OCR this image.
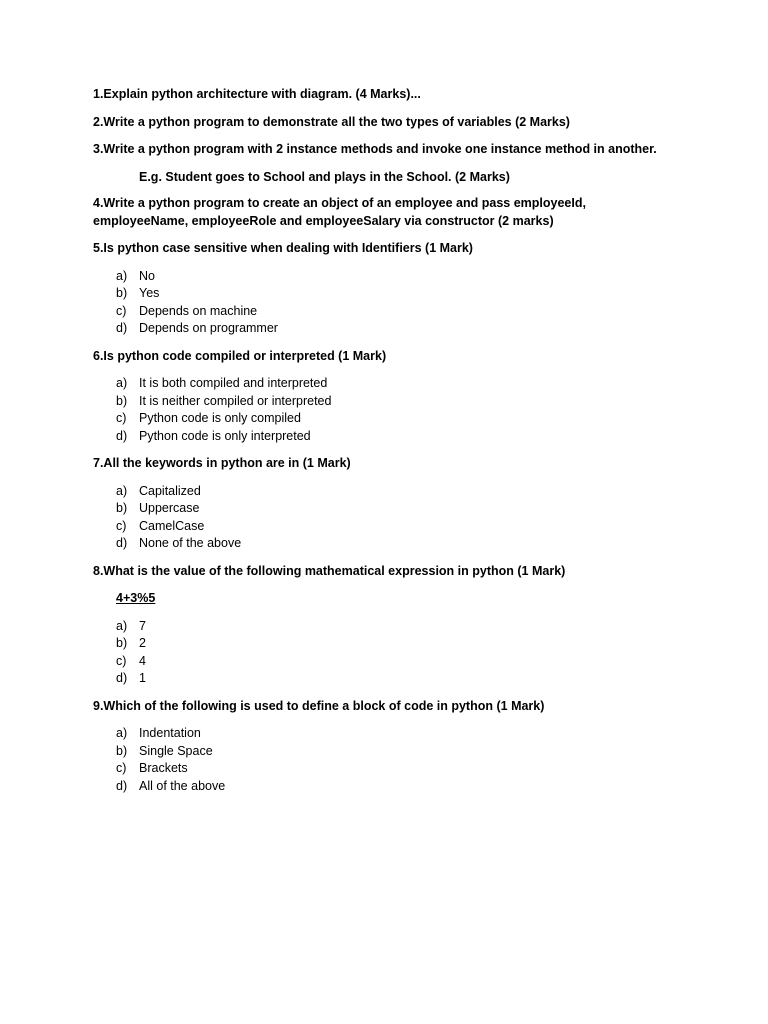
1.Explain python architecture with diagram. (4 Marks)...

2.Write a python program to demonstrate all the two types of variables (2 Marks)

3.Write a python program with 2 instance methods and invoke one instance method in another.

E.g. Student goes to School and plays in the School. (2 Marks)

4.Write a python program to create an object of an employee and pass employeeId, employeeName, employeeRole and employeeSalary via constructor (2 marks)

5.Is python case sensitive when dealing with Identifiers (1 Mark)

a) No
b) Yes
c)	Depends on machine
d) Depends on programmer

6.Is python code compiled or interpreted (1 Mark)

a) It is both compiled and interpreted
b) It is neither compiled or interpreted
c)	Python code is only compiled
d) Python code is only interpreted

7.All the keywords in python are in (1 Mark)

a) Capitalized
b) Uppercase
c)	CamelCase
d) None of the above

8.What is the value of the following mathematical expression in python (1 Mark)

4+3%5

a) 7
b) 2
c)	4
d) 1

9.Which of the following is used to define a block of code in python (1 Mark)

a) Indentation
b) Single Space
c)	Brackets
d) All of the above
